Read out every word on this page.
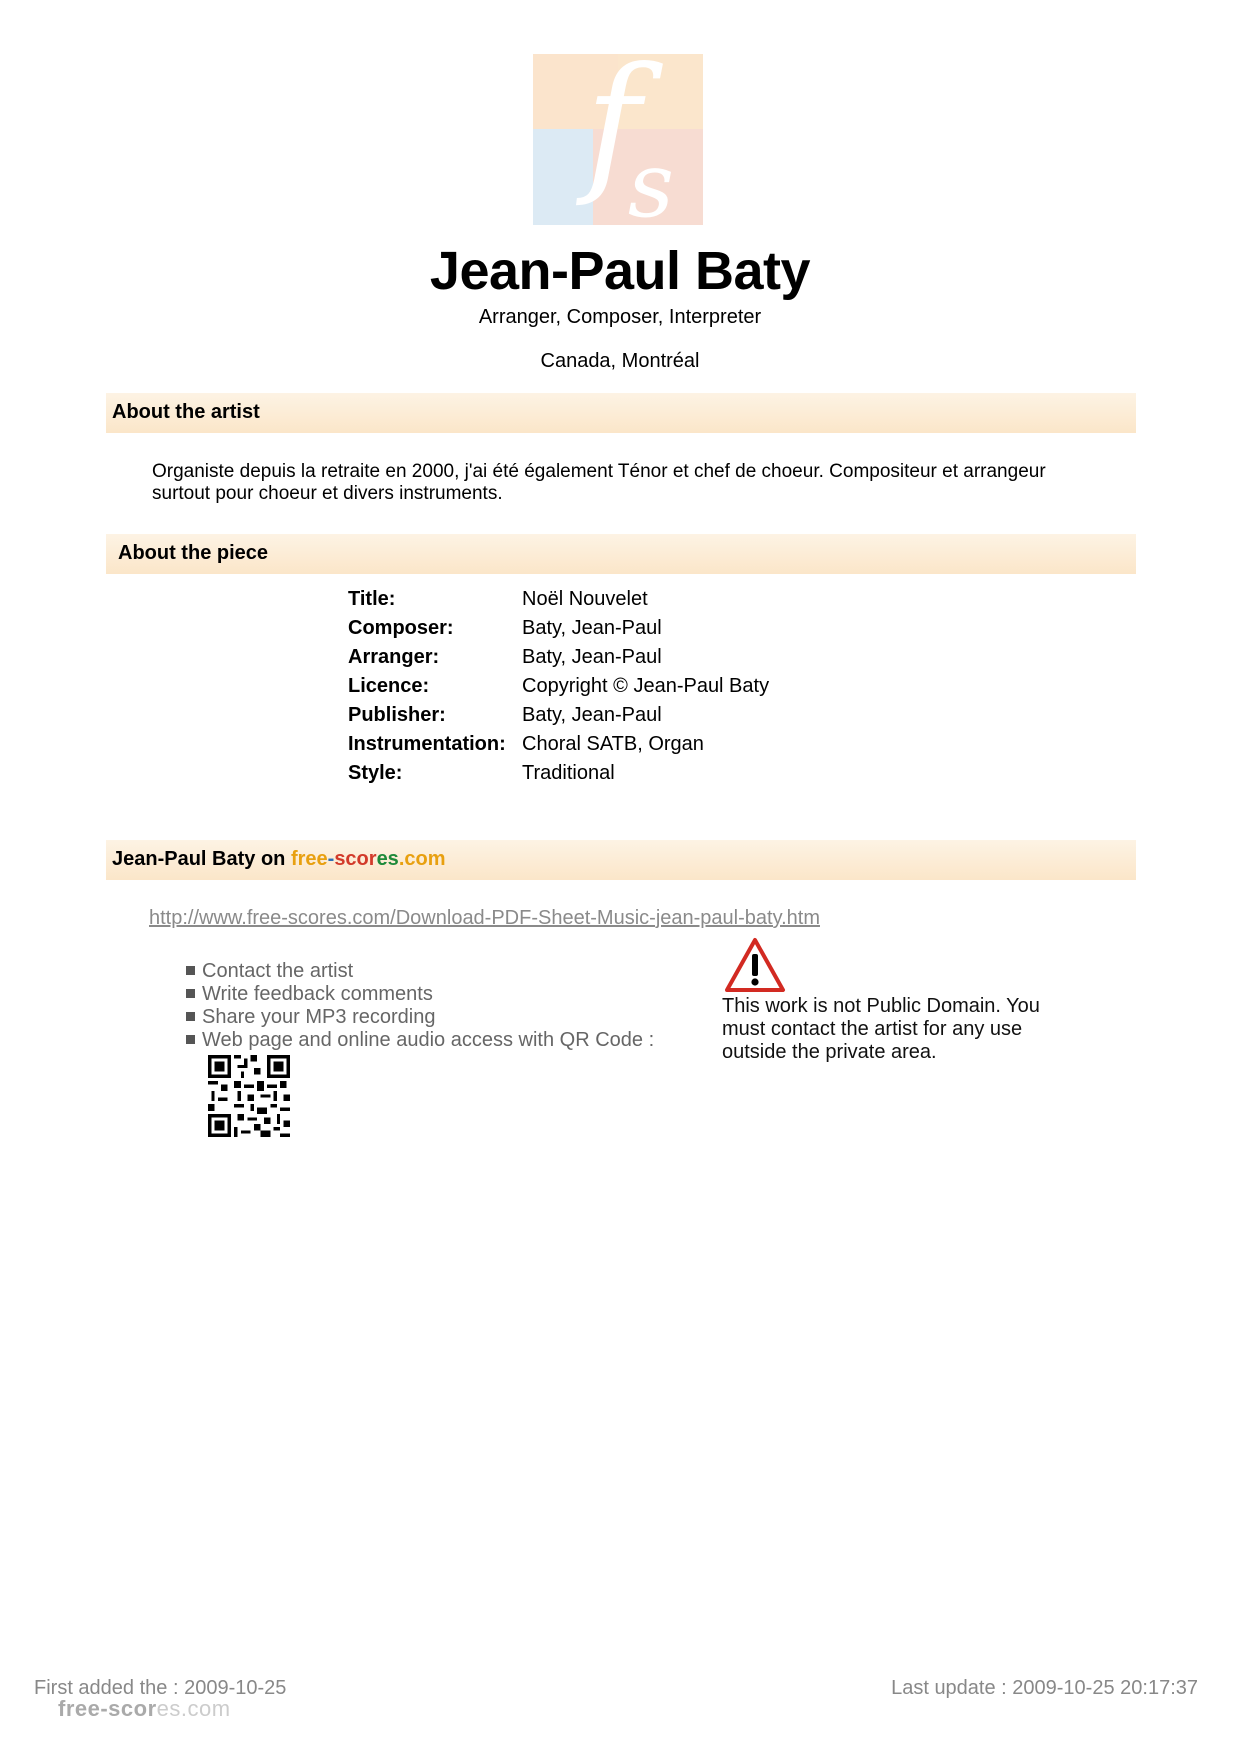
f
s
Jean-Paul Baty
Arranger, Composer, Interpreter
Canada, Montréal
About the artist
Organiste depuis la retraite en 2000, j'ai été également Ténor et chef de choeur. Compositeur et arrangeur surtout pour choeur et divers instruments.
About the piece
Title:	Noël Nouvelet
Composer:	Baty, Jean-Paul
Arranger:	Baty, Jean-Paul
Licence:	Copyright © Jean-Paul Baty
Publisher:	Baty, Jean-Paul
Instrumentation:	Choral SATB, Organ
Style:	Traditional
Jean-Paul Baty on free-scores.com
http://www.free-scores.com/Download-PDF-Sheet-Music-jean-paul-baty.htm
Contact the artist
Write feedback comments
Share your MP3 recording
Web page and online audio access with QR Code :
This work is not Public Domain. You must contact the artist for any use outside the private area.
First added the : 2009-10-25	Last update : 2009-10-25 20:17:37
free-scores.com
